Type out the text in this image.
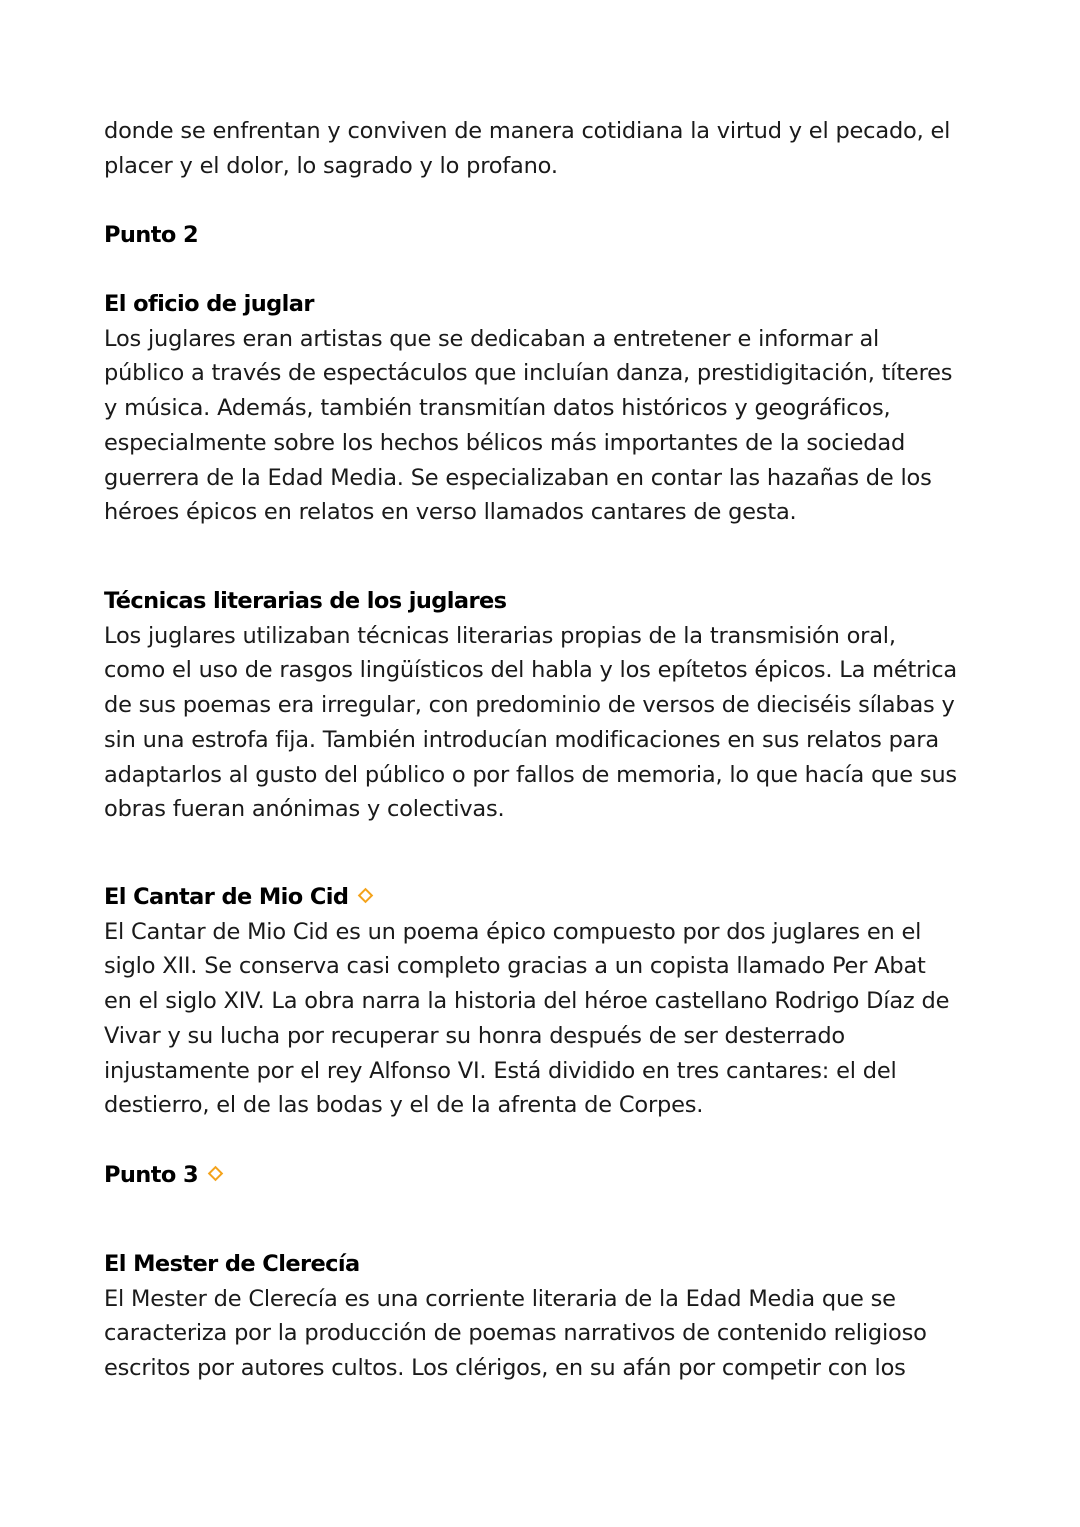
donde se enfrentan y conviven de manera cotidiana la virtud y el pecado, el
placer y el dolor, lo sagrado y lo profano.
Punto 2
El oficio de juglar
Los juglares eran artistas que se dedicaban a entretener e informar al
público a través de espectáculos que incluían danza, prestidigitación, títeres
y música. Además, también transmitían datos históricos y geográficos,
especialmente sobre los hechos bélicos más importantes de la sociedad
guerrera de la Edad Media. Se especializaban en contar las hazañas de los
héroes épicos en relatos en verso llamados cantares de gesta.
Técnicas literarias de los juglares
Los juglares utilizaban técnicas literarias propias de la transmisión oral,
como el uso de rasgos lingüísticos del habla y los epítetos épicos. La métrica
de sus poemas era irregular, con predominio de versos de dieciséis sílabas y
sin una estrofa fija. También introducían modificaciones en sus relatos para
adaptarlos al gusto del público o por fallos de memoria, lo que hacía que sus
obras fueran anónimas y colectivas.
El Cantar de Mio Cid
El Cantar de Mio Cid es un poema épico compuesto por dos juglares en el
siglo XII. Se conserva casi completo gracias a un copista llamado Per Abat
en el siglo XIV. La obra narra la historia del héroe castellano Rodrigo Díaz de
Vivar y su lucha por recuperar su honra después de ser desterrado
injustamente por el rey Alfonso VI. Está dividido en tres cantares: el del
destierro, el de las bodas y el de la afrenta de Corpes.
Punto 3
El Mester de Clerecía
El Mester de Clerecía es una corriente literaria de la Edad Media que se
caracteriza por la producción de poemas narrativos de contenido religioso
escritos por autores cultos. Los clérigos, en su afán por competir con los
